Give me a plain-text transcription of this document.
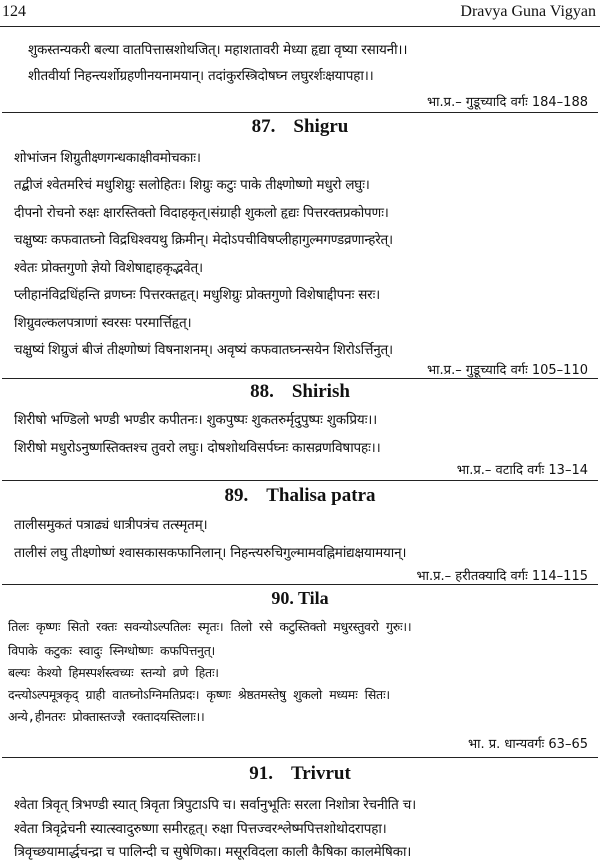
124	Dravya Guna Vigyan
शुकस्तन्यकरी बल्या वातपित्तास्रशोथजित्। महाशतावरी मेध्या हृद्या वृष्या रसायनी।।
शीतवीर्या निहन्त्यर्शोग्रहणीनयनामयान्। तदांकुरस्त्रिदोषघ्न लघुरर्शःक्षयापहा।।
भा.प्र.– गुडूच्यादि वर्गः 184–188
87. Shigru
शोभांजन शिग्रुतीक्ष्णगन्धकाक्षीवमोचकाः।
तद्बीजं श्वेतमरिचं मधुशिग्रुः सलोहितः। शिग्रुः कटुः पाके तीक्ष्णोष्णो मधुरो लघुः।
दीपनो रोचनो रुक्षः क्षारस्तिक्तो विदाहकृत्।संग्राही शुकलो हृद्यः पित्तरक्तप्रकोपणः।
चक्षुष्यः कफवातघ्नो विद्रधिश्वयथु क्रिमीन्। मेदोऽपचीविषप्लीहागुल्मगण्डव्रणान्हरेत्।
श्वेतः प्रोक्तगुणो ज्ञेयो विशेषाद्दाहकृद्भवेत्।
प्लीहानंविद्रधिंहन्ति व्रणघ्नः पित्तरक्तहृत्। मधुशिग्रुः प्रोक्तगुणो विशेषाद्दीपनः सरः।
शिग्रुवल्कलपत्राणां स्वरसः परमार्त्तिहृत्।
चक्षुष्यं शिग्रुजं बीजं तीक्ष्णोष्णं विषनाशनम्। अवृष्यं कफवातघ्नन्सयेन शिरोऽर्त्तिनुत्।
भा.प्र.– गुडूच्यादि वर्गः 105–110
88. Shirish
शिरीषो भण्डिलो भण्डी भण्डीर कपीतनः। शुकपुष्पः शुकतरुर्मृदुपुष्पः शुकप्रियः।।
शिरीषो मधुरोऽनुष्णस्तिक्तश्च तुवरो लघुः। दोषशोथविसर्पघ्नः कासव्रणविषापहः।।
भा.प्र.– वटादि वर्गः 13–14
89. Thalisa patra
तालीसमुकतं पत्राढ्यं धात्रीपत्रंच तत्स्मृतम्।
तालीसं लघु तीक्ष्णोष्णं श्वासकासकफानिलान्। निहन्त्यरुचिगुल्मामवह्निमांद्यक्षयामयान्।
भा.प्र.– हरीतक्यादि वर्गः 114–115
90. Tila
तिलः कृष्णः सितो रक्तः सवन्योऽल्पतिलः स्मृतः। तिलो रसे कटुस्तिक्तो मधुरस्तुवरो गुरुः।।
विपाके कटुकः स्वादुः स्निग्धोष्णः कफपित्तनुत्।
बल्यः केश्यो हिमस्पर्शस्त्वच्यः स्तन्यो व्रणे हितः।
दन्त्योऽल्पमूत्रकृद् ग्राही वातघ्नोऽग्निमतिप्रदः। कृष्णः श्रेष्ठतमस्तेषु शुकलो मध्यमः सितः।
अन्ये,हीनतरः प्रोक्तास्तज्ज्ञै रक्तादयस्तिलाः।।
भा. प्र. धान्यवर्गः 63–65
91. Trivrut
श्वेता त्रिवृत् त्रिभण्डी स्यात् त्रिवृता त्रिपुटाऽपि च। सर्वानुभूतिः सरला निशोत्रा रेचनीति च।
श्वेता त्रिवृद्रेचनी स्यात्स्वादुरुष्णा समीरहृत्। रुक्षा पित्तज्वरश्लेष्मपित्तशोथोदरापहा।
त्रिवृच्छयामार्द्धचन्द्रा च पालिन्दी च सुषेणिका। मसूरविदला काली कैषिका कालमेषिका।
